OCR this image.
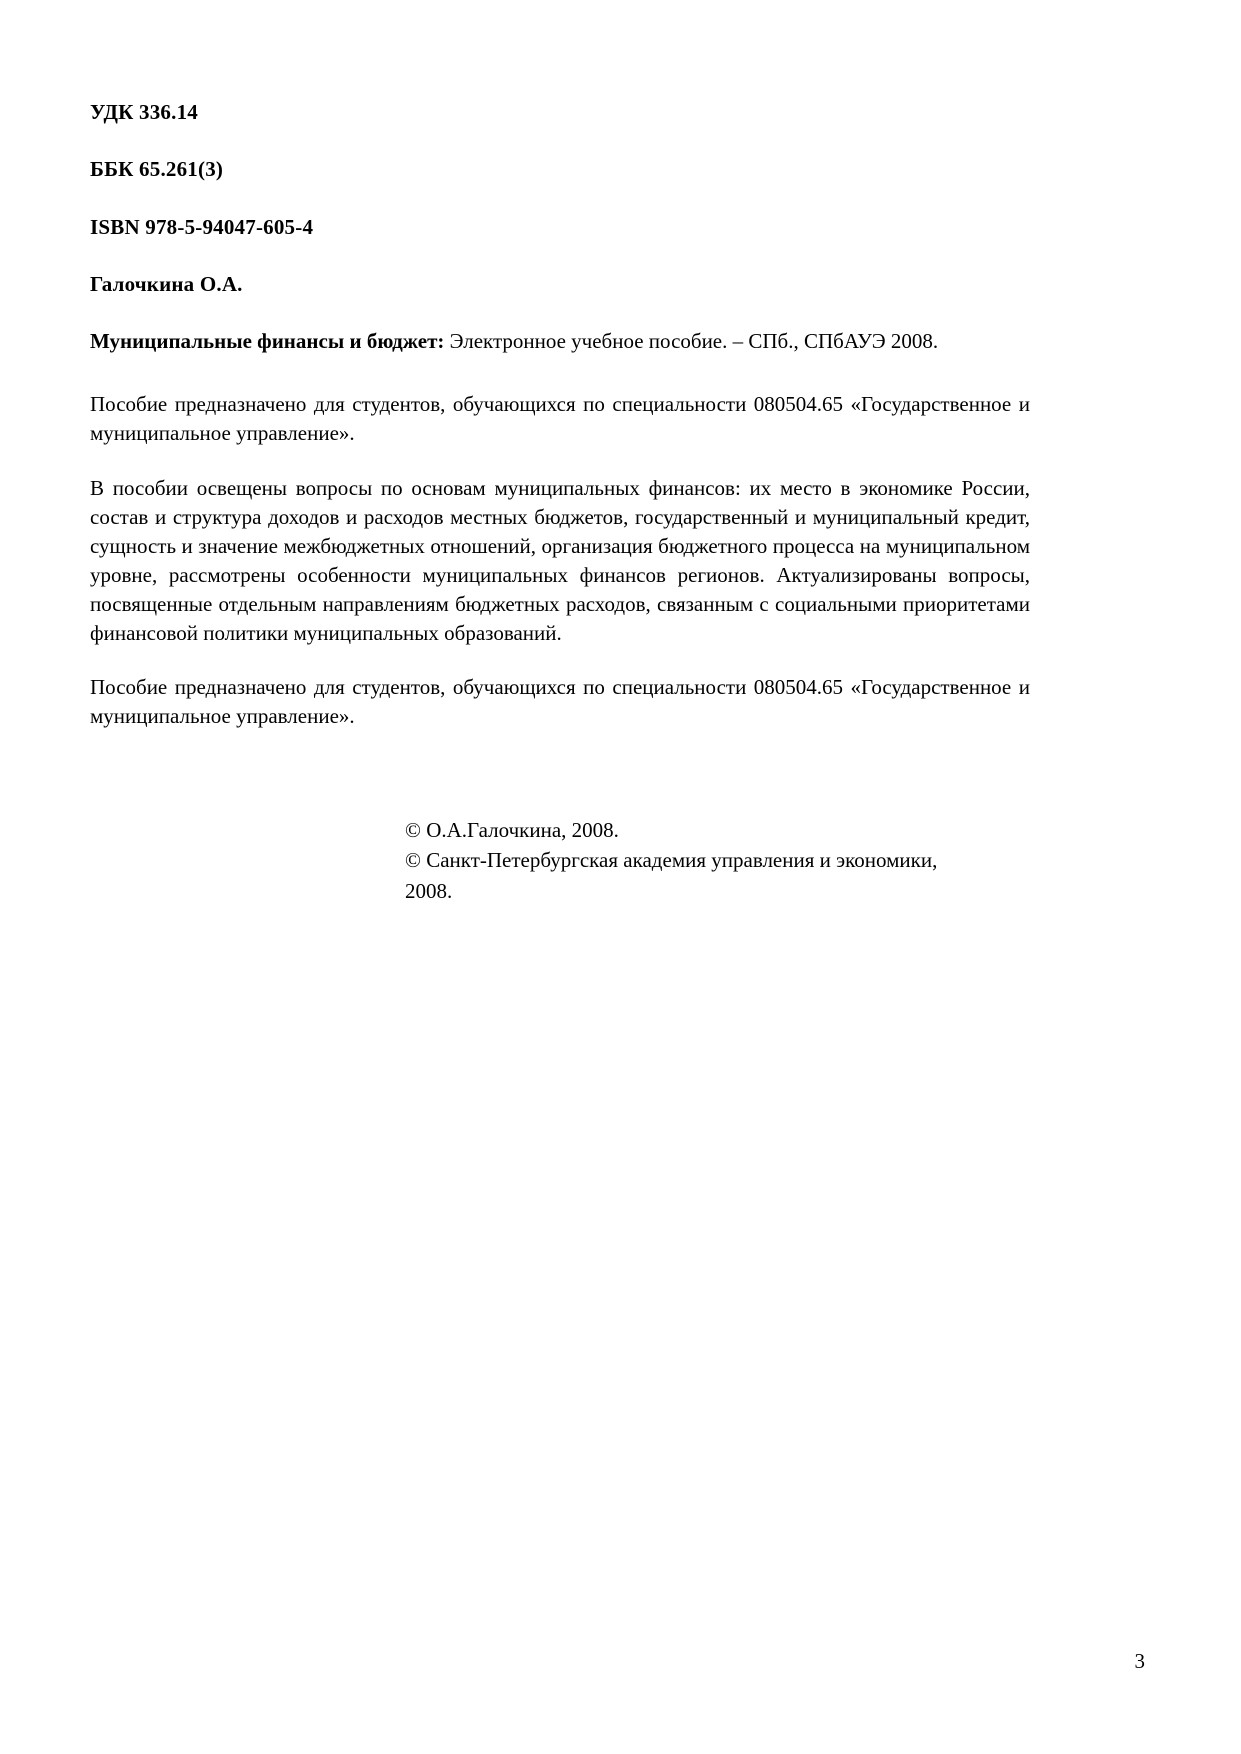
УДК 336.14

ББК 65.261(3)

ISBN 978-5-94047-605-4

Галочкина О.А.

Муниципальные финансы и бюджет: Электронное учебное пособие. – СПб., СПбАУЭ 2008.

Пособие предназначено для студентов, обучающихся по специальности 080504.65 «Государственное и муниципальное управление».

В пособии освещены вопросы по основам муниципальных финансов: их место в экономике России, состав и структура доходов и расходов местных бюджетов, государственный и муниципальный кредит, сущность и значение межбюджетных отношений, организация бюджетного процесса на муниципальном уровне, рассмотрены особенности муниципальных финансов регионов. Актуализированы вопросы, посвященные отдельным направлениям бюджетных расходов, связанным с социальными приоритетами финансовой политики муниципальных образований.

Пособие предназначено для студентов, обучающихся по специальности 080504.65 «Государственное и муниципальное управление».

© О.А.Галочкина, 2008.
© Санкт-Петербургская академия управления и экономики,
2008.
3
